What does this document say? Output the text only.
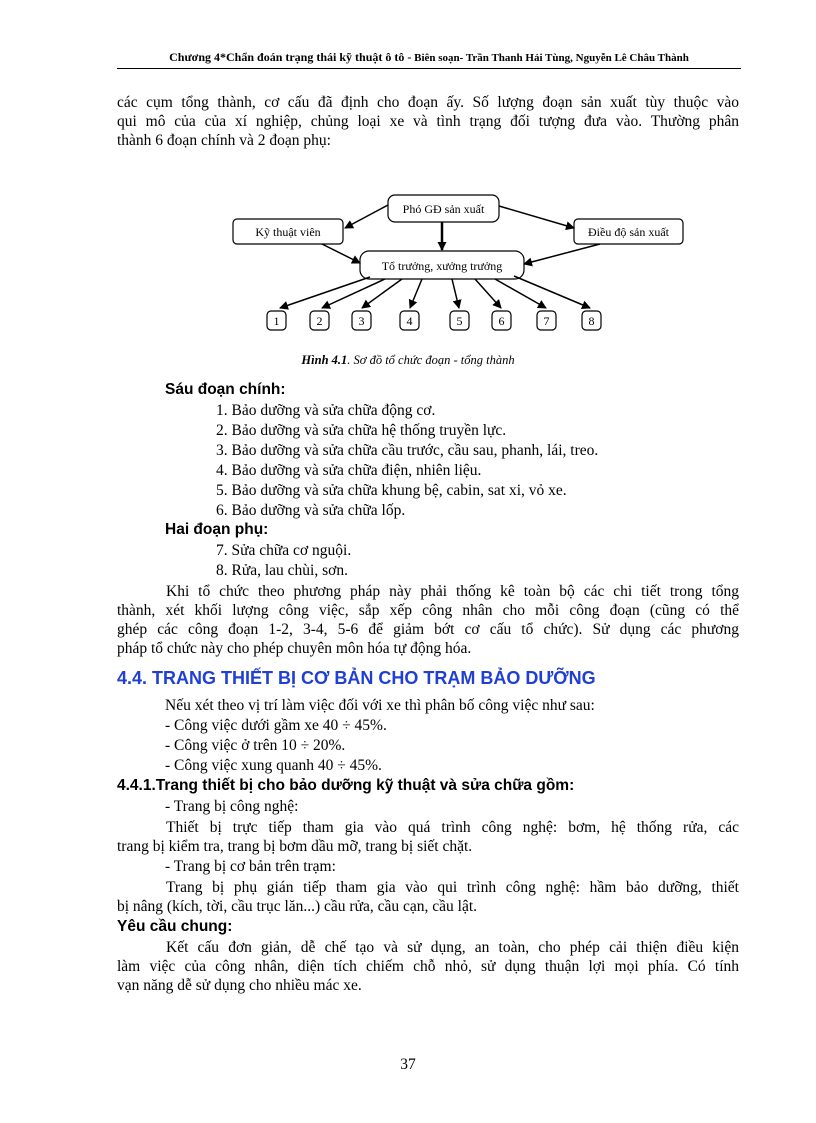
Chương 4*Chẩn đoán trạng thái kỹ thuật ô tô - Biên soạn- Trần Thanh Hải Tùng, Nguyễn Lê Châu Thành
các cụm tổng thành, cơ cấu đã định cho đoạn ấy. Số lượng đoạn sản xuất tùy thuộc vào
qui mô của của xí nghiệp, chủng loại xe và tình trạng đối tượng đưa vào. Thường phân
thành 6 đoạn chính và 2 đoạn phụ:
Phó GĐ sản xuất
Kỹ thuật viên	Điều độ sản xuất
Tổ trưởng, xưởng trưởng
1	2	3	4	5	6	7	8
Hình 4.1. Sơ đồ tổ chức đoạn - tổng thành
Sáu đoạn chính:
1. Bảo dưỡng và sửa chữa động cơ.
2. Bảo dưỡng và sửa chữa hệ thống truyền lực.
3. Bảo dưỡng và sửa chữa cầu trước, cầu sau, phanh, lái, treo.
4. Bảo dưỡng và sửa chữa điện, nhiên liệu.
5. Bảo dưỡng và sửa chữa khung bệ, cabin, sat xi, vỏ xe.
6. Bảo dưỡng và sửa chữa lốp.
Hai đoạn phụ:
7. Sửa chữa cơ nguội.
8. Rửa, lau chùi, sơn.
Khi tổ chức theo phương pháp này phải thống kê toàn bộ các chi tiết trong tổng
thành, xét khối lượng công việc, sắp xếp công nhân cho mỗi công đoạn (cũng có thể
ghép các công đoạn 1-2, 3-4, 5-6 để giảm bớt cơ cấu tổ chức). Sử dụng các phương
pháp tổ chức này cho phép chuyên môn hóa tự động hóa.
4.4. TRANG THIẾT BỊ CƠ BẢN CHO TRẠM BẢO DƯỠNG
Nếu xét theo vị trí làm việc đối với xe thì phân bố công việc như sau:
- Công việc dưới gầm xe 40 ÷ 45%.
- Công việc ở trên 10 ÷ 20%.
- Công việc xung quanh 40 ÷ 45%.
4.4.1.Trang thiết bị cho bảo dưỡng kỹ thuật và sửa chữa gồm:
- Trang bị công nghệ:
Thiết bị trực tiếp tham gia vào quá trình công nghệ: bơm, hệ thống rửa, các
trang bị kiểm tra, trang bị bơm dầu mỡ, trang bị siết chặt.
- Trang bị cơ bản trên trạm:
Trang bị phụ gián tiếp tham gia vào qui trình công nghệ: hầm bảo dưỡng, thiết
bị nâng (kích, tời, cầu trục lăn...) cầu rửa, cầu cạn, cầu lật.
Yêu cầu chung:
Kết cấu đơn giản, dễ chế tạo và sử dụng, an toàn, cho phép cải thiện điều kiện
làm việc của công nhân, diện tích chiếm chỗ nhỏ, sử dụng thuận lợi mọi phía. Có tính
vạn năng dễ sử dụng cho nhiều mác xe.
37
